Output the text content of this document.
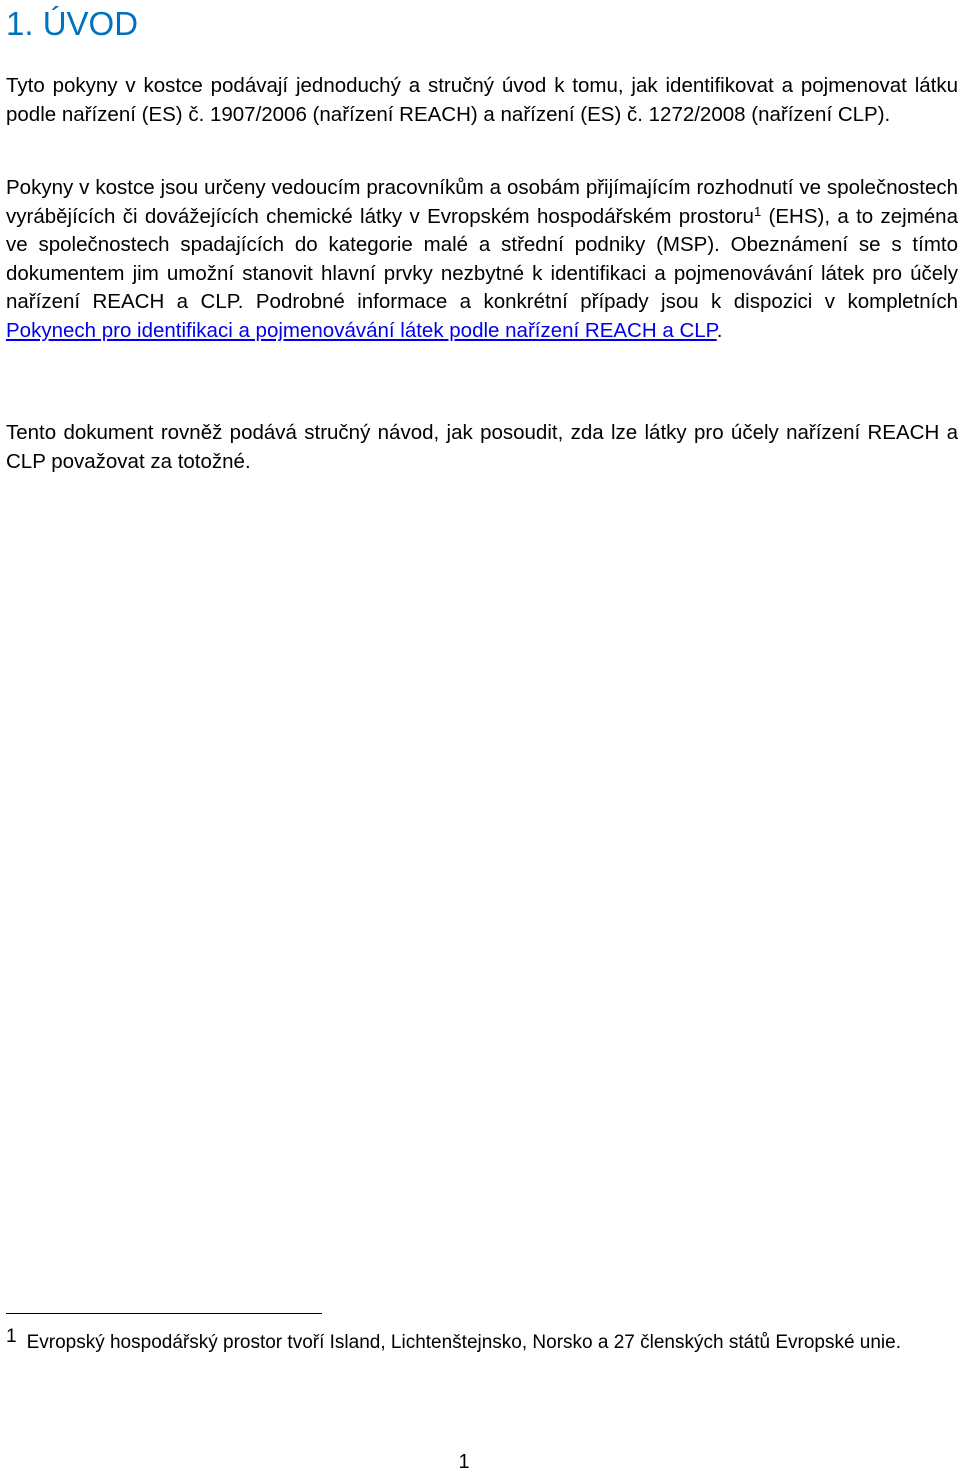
1. ÚVOD

Tyto pokyny v kostce podávají jednoduchý a stručný úvod k tomu, jak identifikovat a pojmenovat látku podle nařízení (ES) č. 1907/2006 (nařízení REACH) a nařízení (ES) č. 1272/2008 (nařízení CLP).

Pokyny v kostce jsou určeny vedoucím pracovníkům a osobám přijímajícím rozhodnutí ve společnostech vyrábějících či dovážejících chemické látky v Evropském hospodářském prostoru$^1$ (EHS), a to zejména ve společnostech spadajících do kategorie malé a střední podniky (MSP). Obeznámení se s tímto dokumentem jim umožní stanovit hlavní prvky nezbytné k identifikaci a pojmenovávání látek pro účely nařízení REACH a CLP. Podrobné informace a konkrétní případy jsou k dispozici v kompletních Pokynech pro identifikaci a pojmenovávání látek podle nařízení REACH a CLP.

Tento dokument rovněž podává stručný návod, jak posoudit, zda lze látky pro účely nařízení REACH a CLP považovat za totožné.

1 Evropský hospodářský prostor tvoří Island, Lichtenštejnsko, Norsko a 27 členských států Evropské unie.

1
